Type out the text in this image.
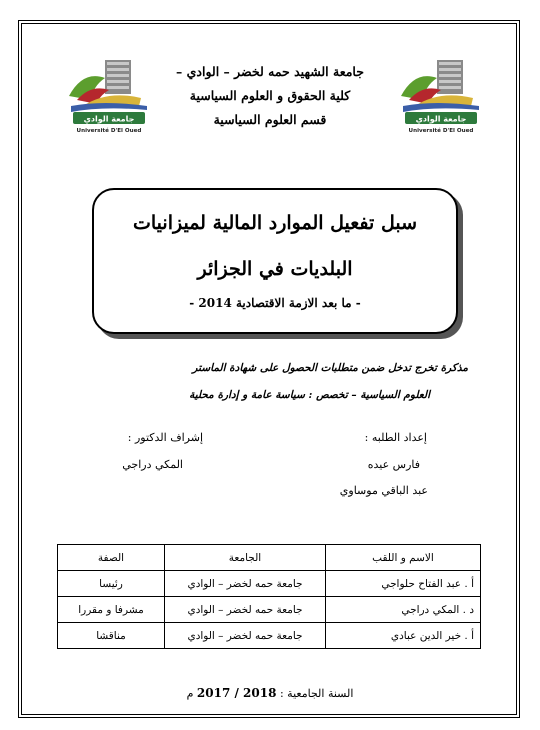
جامعة الوادي
Université D'El Oued
جامعة الوادي
Université D'El Oued
جامعة الشهيد حمه لخضر – الوادي –
كلية الحقوق و العلوم السياسية
قسم العلوم السياسية
سبل تفعيل الموارد المالية لميزانيات
البلديات في الجزائر
- ما بعد الازمة الاقتصادية 2014 -
مذكرة تخرج تدخل ضمن متطلبات الحصول على شهادة الماستر
العلوم السياسية – تخصص : سياسة عامة و إدارة محلية
إعداد الطلبه :
فارس عيده
عبد الباقي موساوي
إشراف الدكتور :
المكي دراجي
الاسم و اللقب	الجامعة	الصفة
أ . عبد الفتاح حلواجي	جامعة حمه لخضر – الوادي	رئيسا
د . المكي دراجي	جامعة حمه لخضر – الوادي	مشرفا و مقررا
أ . خير الدين عبادي	جامعة حمه لخضر – الوادي	مناقشا
السنة الجامعية : 2017 / 2018 م
